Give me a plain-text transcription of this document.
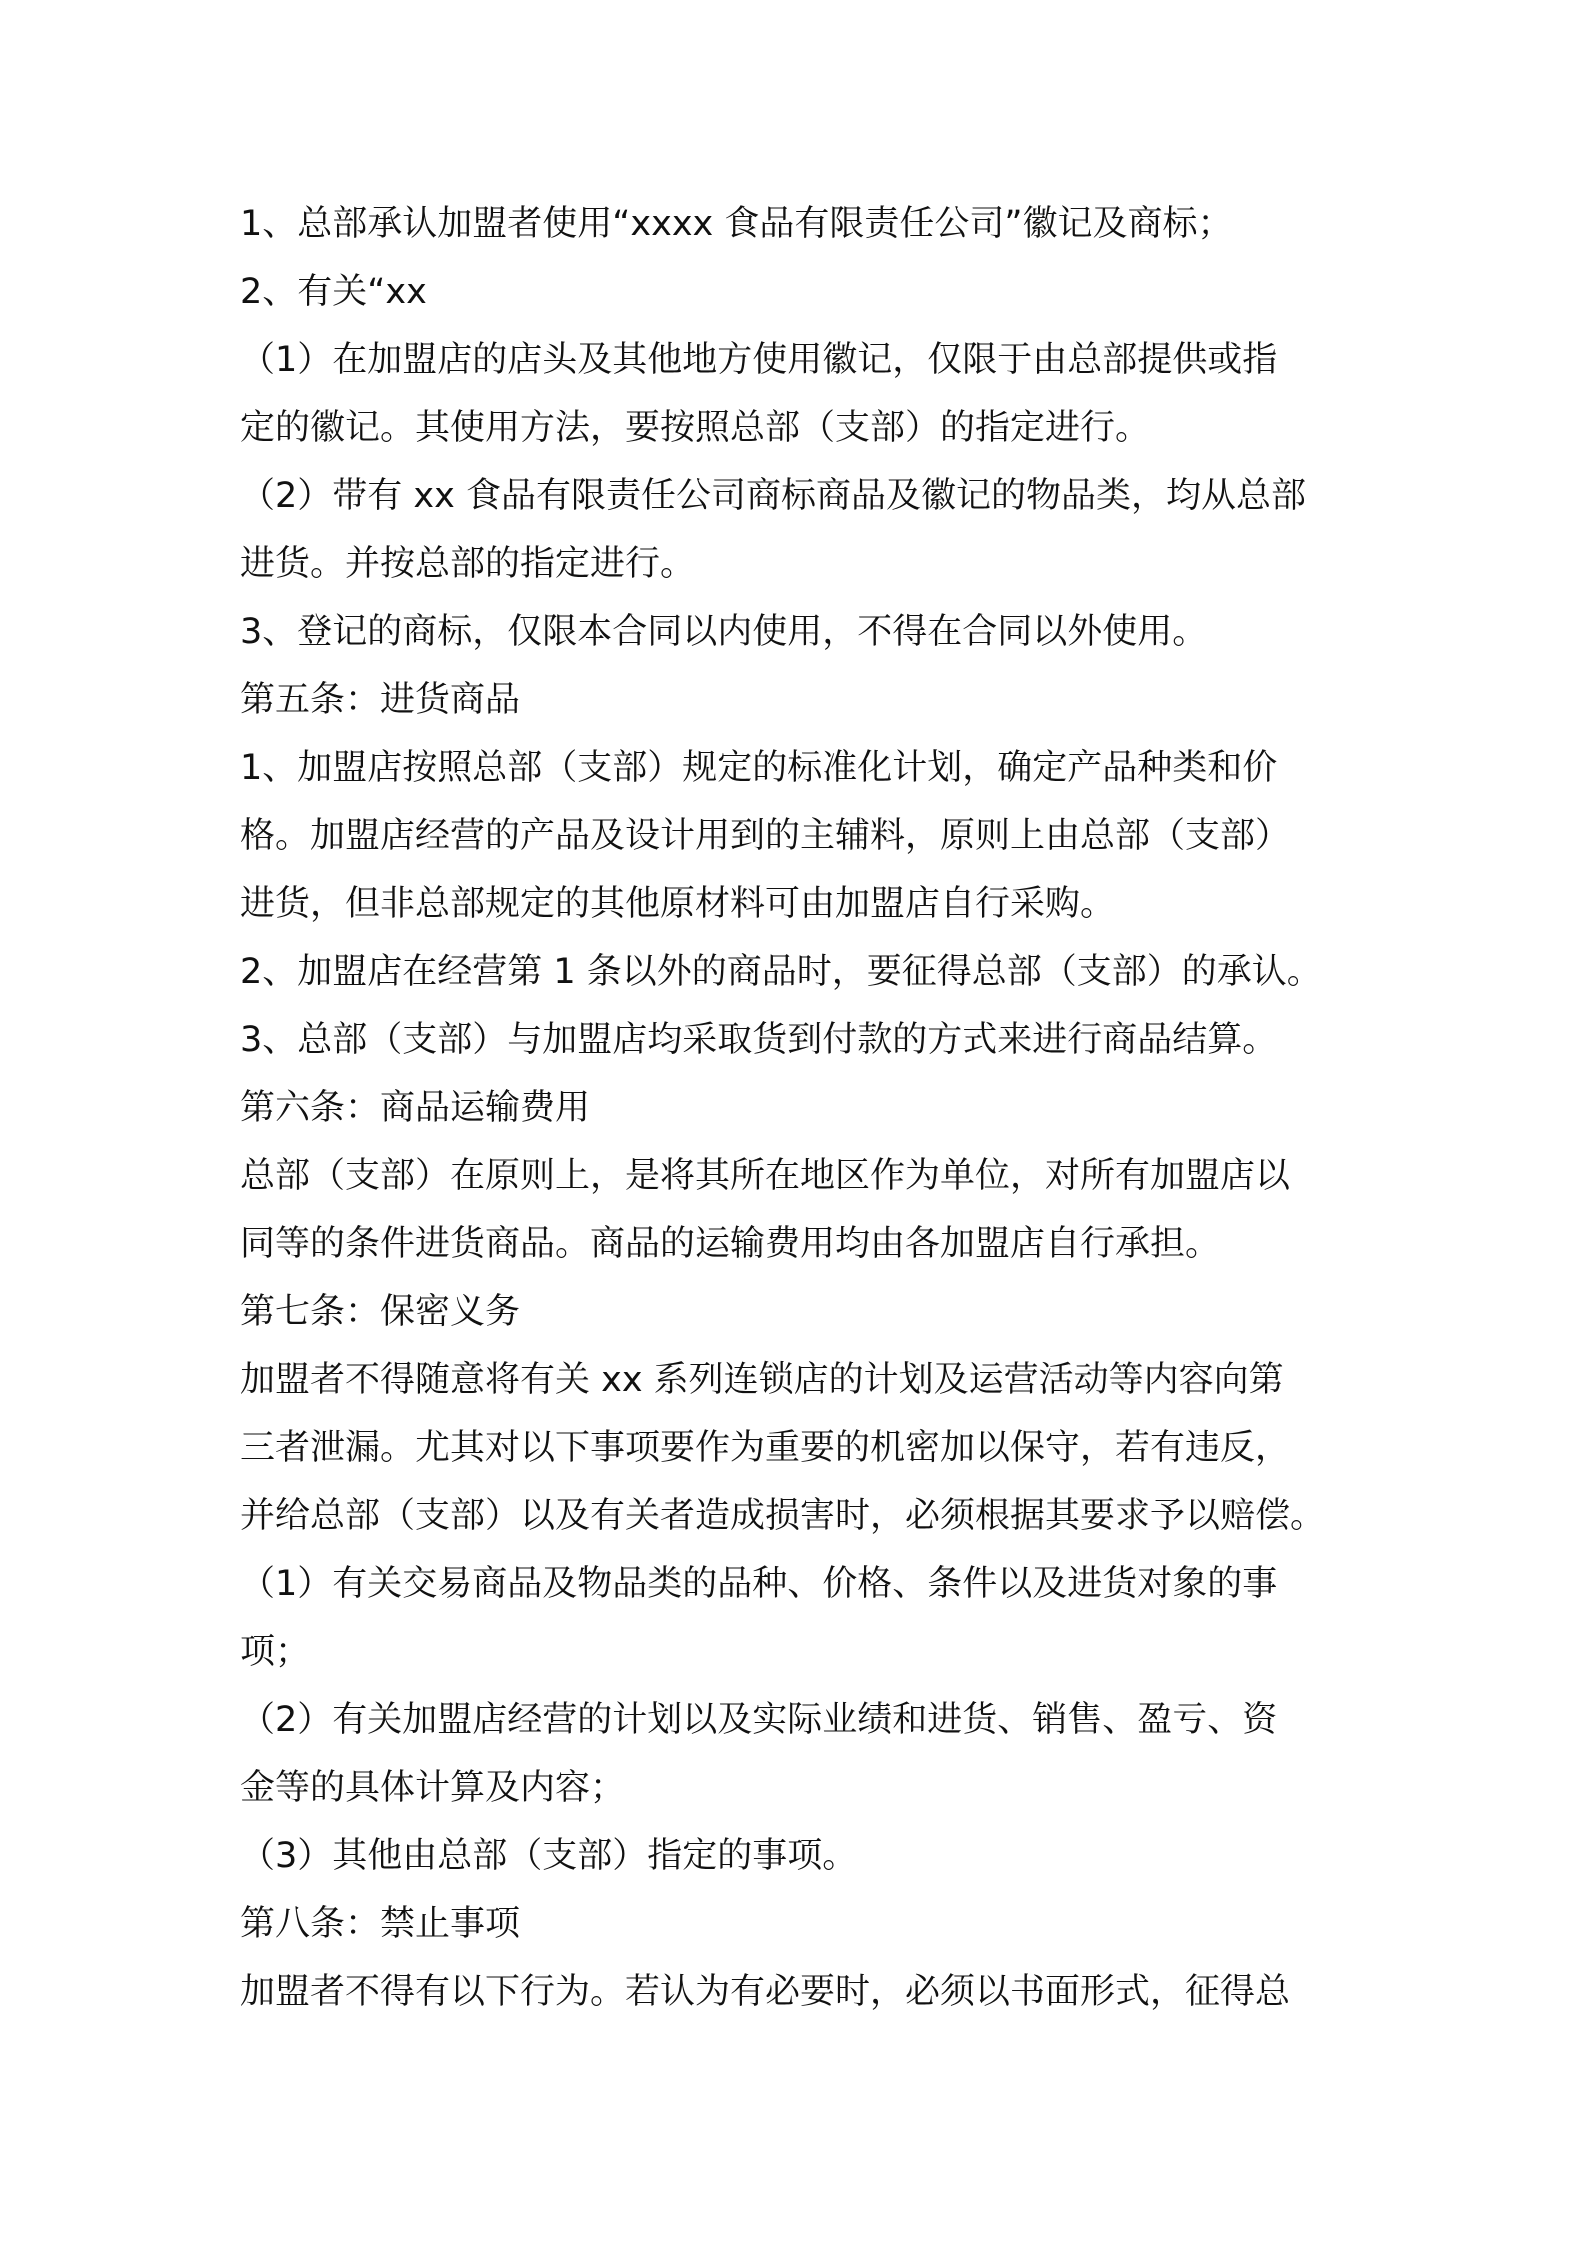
1、总部承认加盟者使用“xxxx 食品有限责任公司”徽记及商标；
2、有关“xx
（1）在加盟店的店头及其他地方使用徽记，仅限于由总部提供或指
定的徽记。其使用方法，要按照总部（支部）的指定进行。
（2）带有 xx 食品有限责任公司商标商品及徽记的物品类，均从总部
进货。并按总部的指定进行。
3、登记的商标，仅限本合同以内使用，不得在合同以外使用。
第五条：进货商品
1、加盟店按照总部（支部）规定的标准化计划，确定产品种类和价
格。加盟店经营的产品及设计用到的主辅料，原则上由总部（支部）
进货，但非总部规定的其他原材料可由加盟店自行采购。
2、加盟店在经营第 1 条以外的商品时，要征得总部（支部）的承认。
3、总部（支部）与加盟店均采取货到付款的方式来进行商品结算。
第六条：商品运输费用
总部（支部）在原则上，是将其所在地区作为单位，对所有加盟店以
同等的条件进货商品。商品的运输费用均由各加盟店自行承担。
第七条：保密义务
加盟者不得随意将有关 xx 系列连锁店的计划及运营活动等内容向第
三者泄漏。尤其对以下事项要作为重要的机密加以保守，若有违反，
并给总部（支部）以及有关者造成损害时，必须根据其要求予以赔偿。
（1）有关交易商品及物品类的品种、价格、条件以及进货对象的事
项；
（2）有关加盟店经营的计划以及实际业绩和进货、销售、盈亏、资
金等的具体计算及内容；
（3）其他由总部（支部）指定的事项。
第八条：禁止事项
加盟者不得有以下行为。若认为有必要时，必须以书面形式，征得总
